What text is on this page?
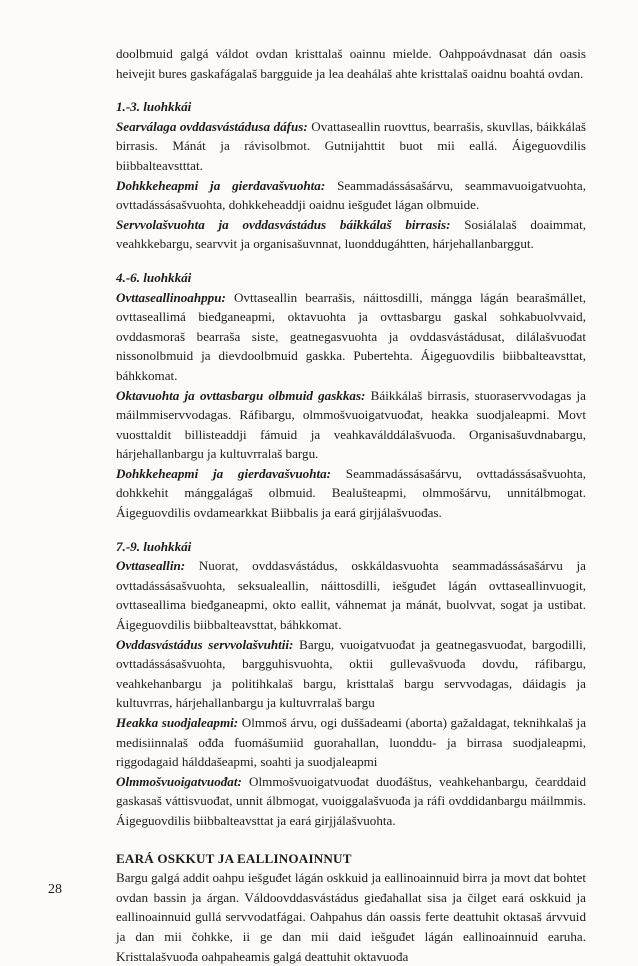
doolbmuid galgá váldot ovdan kristtalaš oainnu mielde. Oahppoávdnasat dán oasis heivejit bures gaskafágalaš bargguide ja lea deahálaš ahte kristtalaš oaidnu boahtá ovdan.

1.-3. luohkkái

Searválaga ovddasvástádusa dáfus: Ovattaseallin ruovttus, bearrašis, skuvllas, báikkálaš birrasis. Mánát ja rávisolbmot. Gutnijahttit buot mii eallá. Áigeguovdilis biibbalteavstttat.

Dohkkeheapmi ja gierdavašvuohta: Seammadássásašárvu, seammavuoigatvuohta, ovttadássásašvuohta, dohkkeheaddji oaidnu iešguđet lágan olbmuide.

Servvolašvuohta ja ovddasvástádus báikkálaš birrasis: Sosiálalaš doaimmat, veahkkebargu, searvvit ja organisašuvnnat, luonddugáhtten, hárjehallanbarggut.

4.-6. luohkkái

Ovttaseallinoahppu: Ovttaseallin bearrašis, náittosdilli, mángga lágán bearašmállet, ovttaseallimá bieđganeapmi, oktavuohta ja ovttasbargu gaskal sohkabuolvvaid, ovddasmoraš bearraša siste, geatnegasvuohta ja ovddasvástádusat, dilálašvuođat nissonolbmuid ja dievdoolbmuid gaskka. Pubertehta. Áigeguovdilis biibbalteavsttat, báhkkomat.

Oktavuohta ja ovttasbargu olbmuid gaskkas: Báikkálaš birrasis, stuoraservvodagas ja máilmmiservvodagas. Ráfibargu, olmmošvuoigatvuođat, heakka suodjaleapmi. Movt vuosttaldit billisteaddji fámuid ja veahkaválddálašvuođa. Organisašuvdnabargu, hárjehallanbargu ja kultuvrralaš bargu.

Dohkkeheapmi ja gierdavašvuohta: Seammadássásašárvu, ovttadássásašvuohta, dohkkehit mánggalágaš olbmuid. Bealušteapmi, olmmošárvu, unnitálbmogat. Áigeguovdilis ovdamearkkat Biibbalis ja eará girjjálašvuođas.

7.-9. luohkkái

Ovttaseallin: Nuorat, ovddasvástádus, oskkáldasvuohta seammadássásašárvu ja ovttadássásašvuohta, seksualeallin, náittosdilli, iešguđet lágán ovttaseallinvuogit, ovttaseallima bieđganeapmi, okto eallit, váhnemat ja mánát, buolvvat, sogat ja ustibat. Áigeguovdilis biibbalteavsttat, báhkkomat.

Ovddasvástádus servvolašvuhtii: Bargu, vuoigatvuođat ja geatnegasvuođat, bargodilli, ovttadássásašvuohta, bargguhisvuohta, oktii gullevašvuođa dovdu, ráfibargu, veahkehanbargu ja politihkalaš bargu, kristtalaš bargu servvodagas, dáidagis ja kultuvrras, hárjehallanbargu ja kultuvrralaš bargu

Heakka suodjaleapmi: Olmmoš árvu, ogi duššadeami (aborta) gažaldagat, teknihkalaš ja medisiinnalaš ođđa fuomášumiid guorahallan, luonddu- ja birrasa suodjaleapmi, riggodagaid hálddašeapmi, soahti ja suodjaleapmi

Olmmošvuoigatvuođat: Olmmošvuoigatvuođat duođáštus, veahkehanbargu, čearddaid gaskasaš váttisvuođat, unnit álbmogat, vuoiggalašvuođa ja ráfi ovddidanbargu máilmmis. Áigeguovdilis biibbalteavsttat ja eará girjjálašvuohta.

EARÁ OSKKUT JA EALLINOAINNUT

Bargu galgá addit oahpu iešguđet lágán oskkuid ja eallinoainnuid birra ja movt dat bohtet ovdan bassin ja árgan. Váldoovddasvástádus gieđahallat sisa ja čilget eará oskkuid ja eallinoainnuid gullá servvodatfágai. Oahpahus dán oassis ferte deattuhit oktasaš árvvuid ja dan mii čohkke, ii ge dan mii daid iešguđet lágán eallinoainnuid earuha. Kristtalašvuođa oahpaheamis galgá deattuhit oktavuođa

28
